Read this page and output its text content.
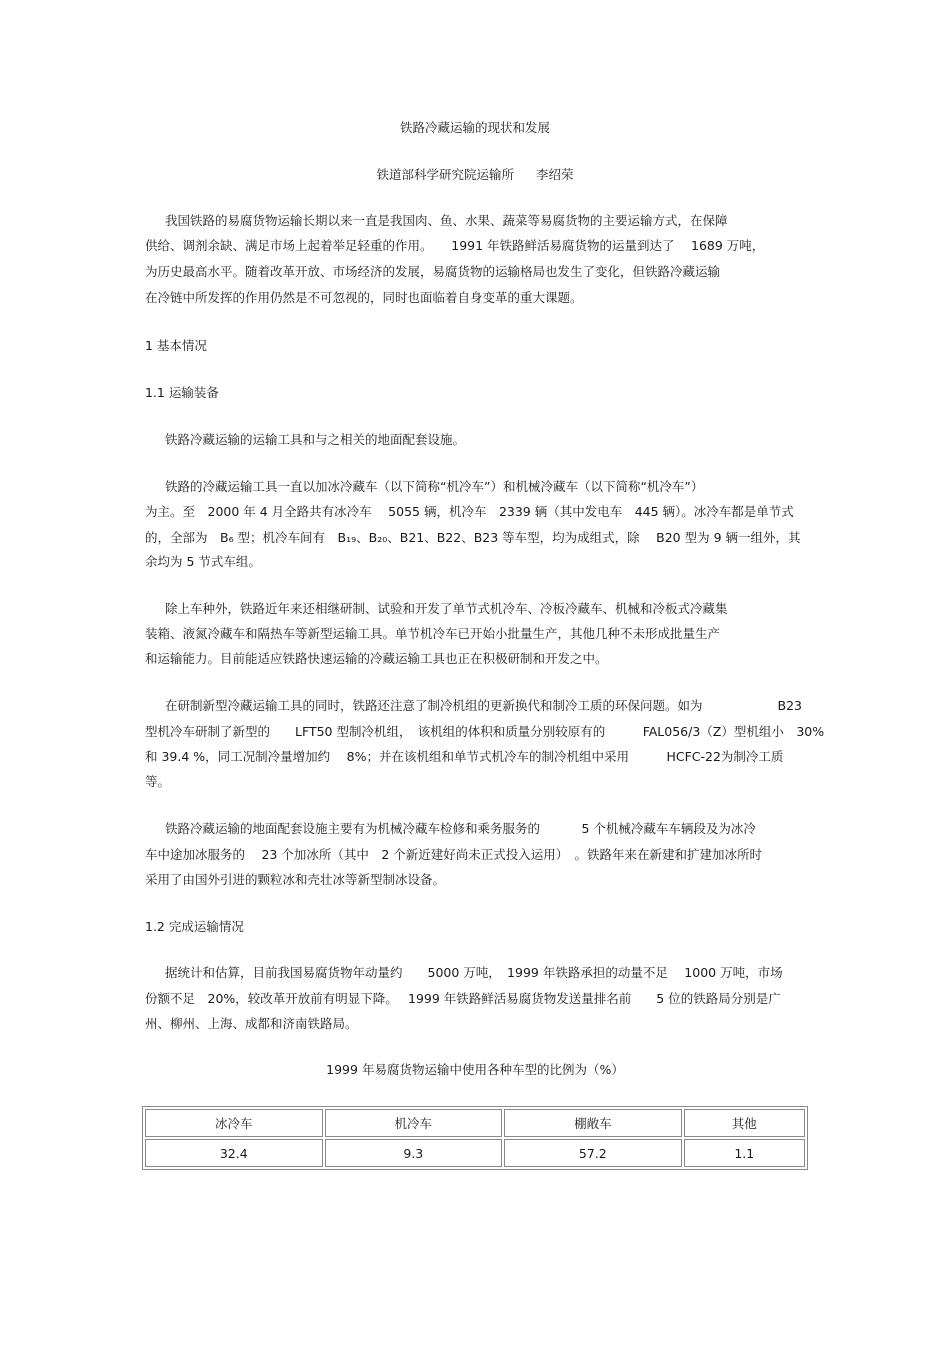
铁路冷藏运输的现状和发展
铁道部科学研究院运输所 李绍荣
我国铁路的易腐货物运输长期以来一直是我国肉、鱼、水果、蔬菜等易腐货物的主要运输方式，在保障
供给、调剂余缺、满足市场上起着举足轻重的作用。　　1991 年铁路鲜活易腐货物的运量到达了　 1689 万吨，
为历史最高水平。随着改革开放、市场经济的发展，易腐货物的运输格局也发生了变化，但铁路冷藏运输
在冷链中所发挥的作用仍然是不可忽视的，同时也面临着自身变革的重大课题。
1 基本情况
1.1 运输装备
铁路冷藏运输的运输工具和与之相关的地面配套设施。
铁路的冷藏运输工具一直以加冰冷藏车（以下简称“机冷车”）和机械冷藏车（以下简称“机冷车”）
为主。至　2000 年 4 月全路共有冰冷车　 5055 辆，机冷车　2339 辆（其中发电车　445 辆）。冰冷车都是单节式
的，全部为　B₆ 型；机冷车间有　B₁₉、B₂₀、B21、B22、B23 等车型，均为成组式，除　 B20 型为 9 辆一组外，其
余均为 5 节式车组。
除上车种外，铁路近年来还相继研制、试验和开发了单节式机冷车、冷板冷藏车、机械和冷板式冷藏集
装箱、液氮冷藏车和隔热车等新型运输工具。单节机冷车已开始小批量生产，其他几种不未形成批量生产
和运输能力。目前能适应铁路快速运输的冷藏运输工具也正在积极研制和开发之中。
在研制新型冷藏运输工具的同时，铁路还注意了制冷机组的更新换代和制冷工质的环保问题。如为　　　　　　B23
型机冷车研制了新型的　　LFT50 型制冷机组，　该机组的体积和质量分别较原有的　　　FAL056/3（Z）型机组小　30%
和 39.4 %，同工况制冷量增加约　 8%；并在该机组和单节式机冷车的制冷机组中采用　　　HCFC-22为制冷工质
等。
铁路冷藏运输的地面配套设施主要有为机械冷藏车检修和乘务服务的　　　 5 个机械冷藏车车辆段及为冰冷
车中途加冰服务的　 23 个加冰所（其中　2 个新近建好尚未正式投入运用）　。铁路年来在新建和扩建加冰所时
采用了由国外引进的颗粒冰和壳壮冰等新型制冰设备。
1.2 完成运输情况
据统计和估算，目前我国易腐货物年动量约　　5000 万吨，　1999 年铁路承担的动量不足　 1000 万吨，市场
份额不足　20%，较改革开放前有明显下降。　 1999 年铁路鲜活易腐货物发送量排名前　　5 位的铁路局分别是广
州、柳州、上海、成都和济南铁路局。
1999 年易腐货物运输中使用各种车型的比例为（%）
冰冷车	机冷车	棚敞车	其他
32.4	9.3	57.2	1.1
